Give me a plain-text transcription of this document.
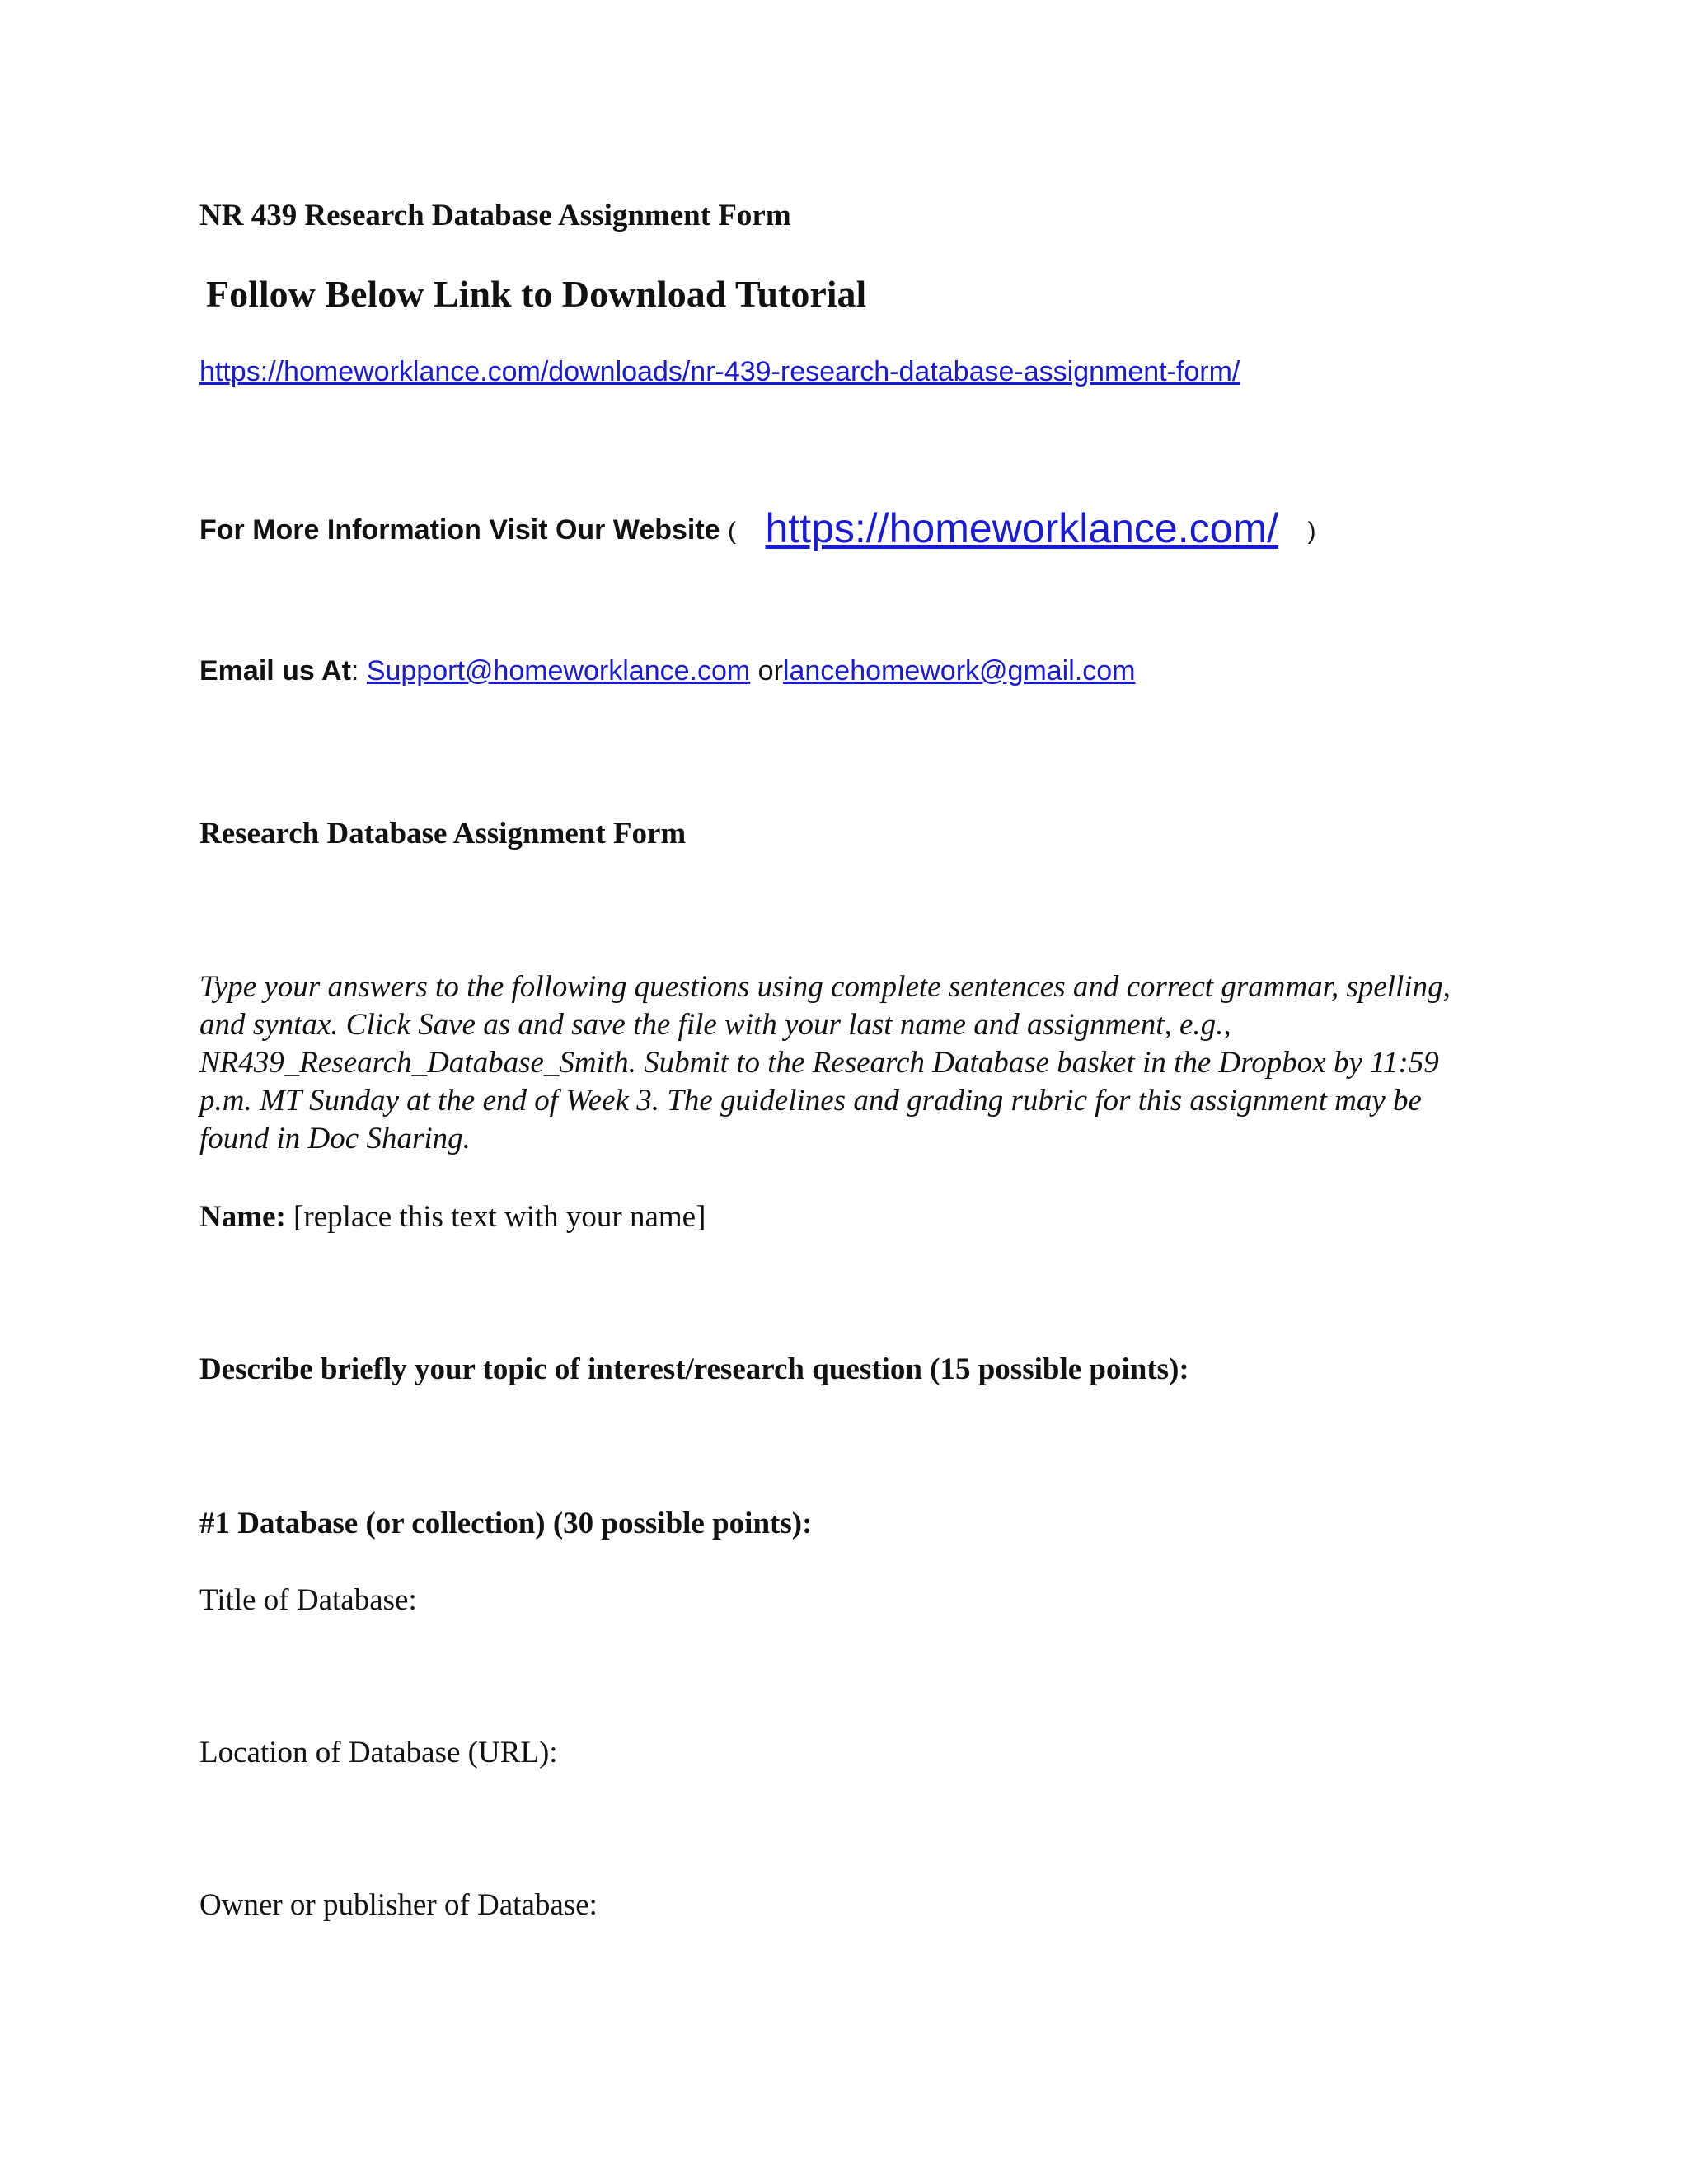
NR 439 Research Database Assignment Form
Follow Below Link to Download Tutorial
https://homeworklance.com/downloads/nr-439-research-database-assignment-form/
For More Information Visit Our Website ( https://homeworklance.com/ )
Email us At: Support@homeworklance.com orlancehomework@gmail.com
Research Database Assignment Form
Type your answers to the following questions using complete sentences and correct grammar, spelling, and syntax. Click Save as and save the file with your last name and assignment, e.g., NR439_Research_Database_Smith. Submit to the Research Database basket in the Dropbox by 11:59 p.m. MT Sunday at the end of Week 3. The guidelines and grading rubric for this assignment may be found in Doc Sharing.
Name: [replace this text with your name]
Describe briefly your topic of interest/research question (15 possible points):
#1 Database (or collection) (30 possible points):
Title of Database:
Location of Database (URL):
Owner or publisher of Database:
